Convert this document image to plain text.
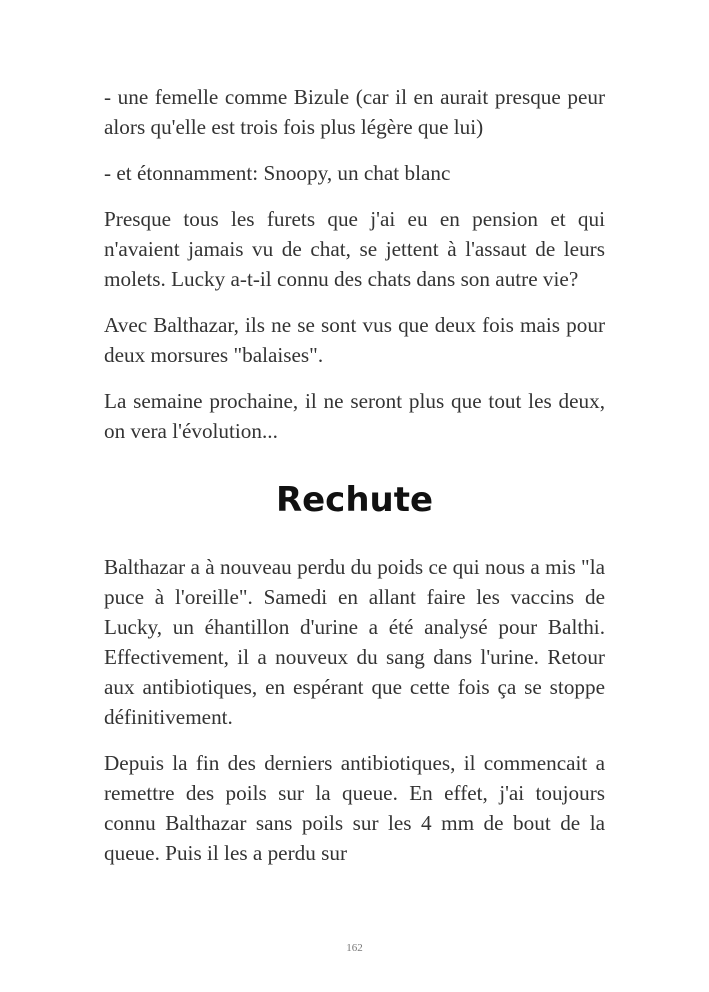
- une femelle comme Bizule (car il en aurait presque peur alors qu'elle est trois fois plus légère que lui)

- et étonnamment: Snoopy, un chat blanc

Presque tous les furets que j'ai eu en pension et qui n'avaient jamais vu de chat, se jettent à l'assaut de leurs molets. Lucky a-t-il connu des chats dans son autre vie?

Avec Balthazar, ils ne se sont vus que deux fois mais pour deux morsures "balaises".

La semaine prochaine, il ne seront plus que tout les deux, on vera l'évolution...

Rechute

Balthazar a à nouveau perdu du poids ce qui nous a mis "la puce à l'oreille". Samedi en allant faire les vaccins de Lucky, un éhantillon d'urine a été analysé pour Balthi. Effectivement, il a nouveux du sang dans l'urine. Retour aux antibiotiques, en espérant que cette fois ça se stoppe définitivement.

Depuis la fin des derniers antibiotiques, il commencait a remettre des poils sur la queue. En effet, j'ai toujours connu Balthazar sans poils sur les 4 mm de bout de la queue. Puis il les a perdu sur

162
